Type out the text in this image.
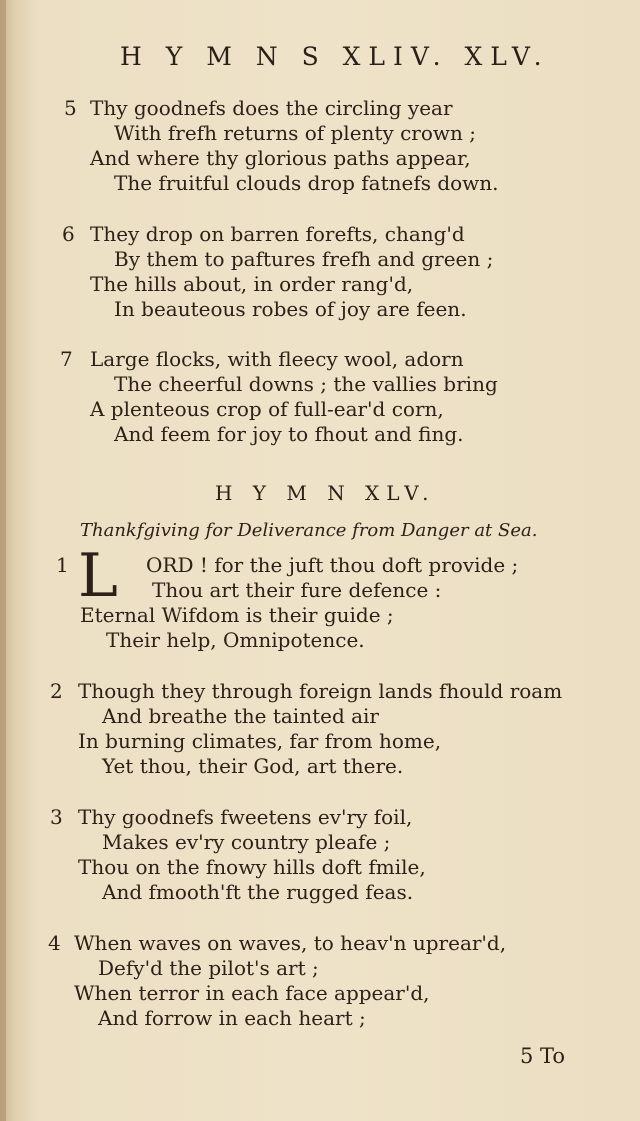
H Y M N S XLIV. XLV.
5 Thy goodnefs does the circling year
With frefh returns of plenty crown ;
And where thy glorious paths appear,
The fruitful clouds drop fatnefs down.
6 They drop on barren forefts, chang'd
By them to paftures frefh and green ;
The hills about, in order rang'd,
In beauteous robes of joy are feen.
7 Large flocks, with fleecy wool, adorn
The cheerful downs ; the vallies bring
A plenteous crop of full-ear'd corn,
And feem for joy to fhout and fing.
H Y M N XLV.
Thankfgiving for Deliverance from Danger at Sea.
1 L	ORD ! for the juft thou doft provide ;
Thou art their fure defence :
Eternal Wifdom is their guide ;
Their help, Omnipotence.
2 Though they through foreign lands fhould roam
And breathe the tainted air
In burning climates, far from home,
Yet thou, their God, art there.
3 Thy goodnefs fweetens ev'ry foil,
Makes ev'ry country pleafe ;
Thou on the fnowy hills doft fmile,
And fmooth'ft the rugged feas.
4 When waves on waves, to heav'n uprear'd,
Defy'd the pilot's art ;
When terror in each face appear'd,
And forrow in each heart ;
5 To
